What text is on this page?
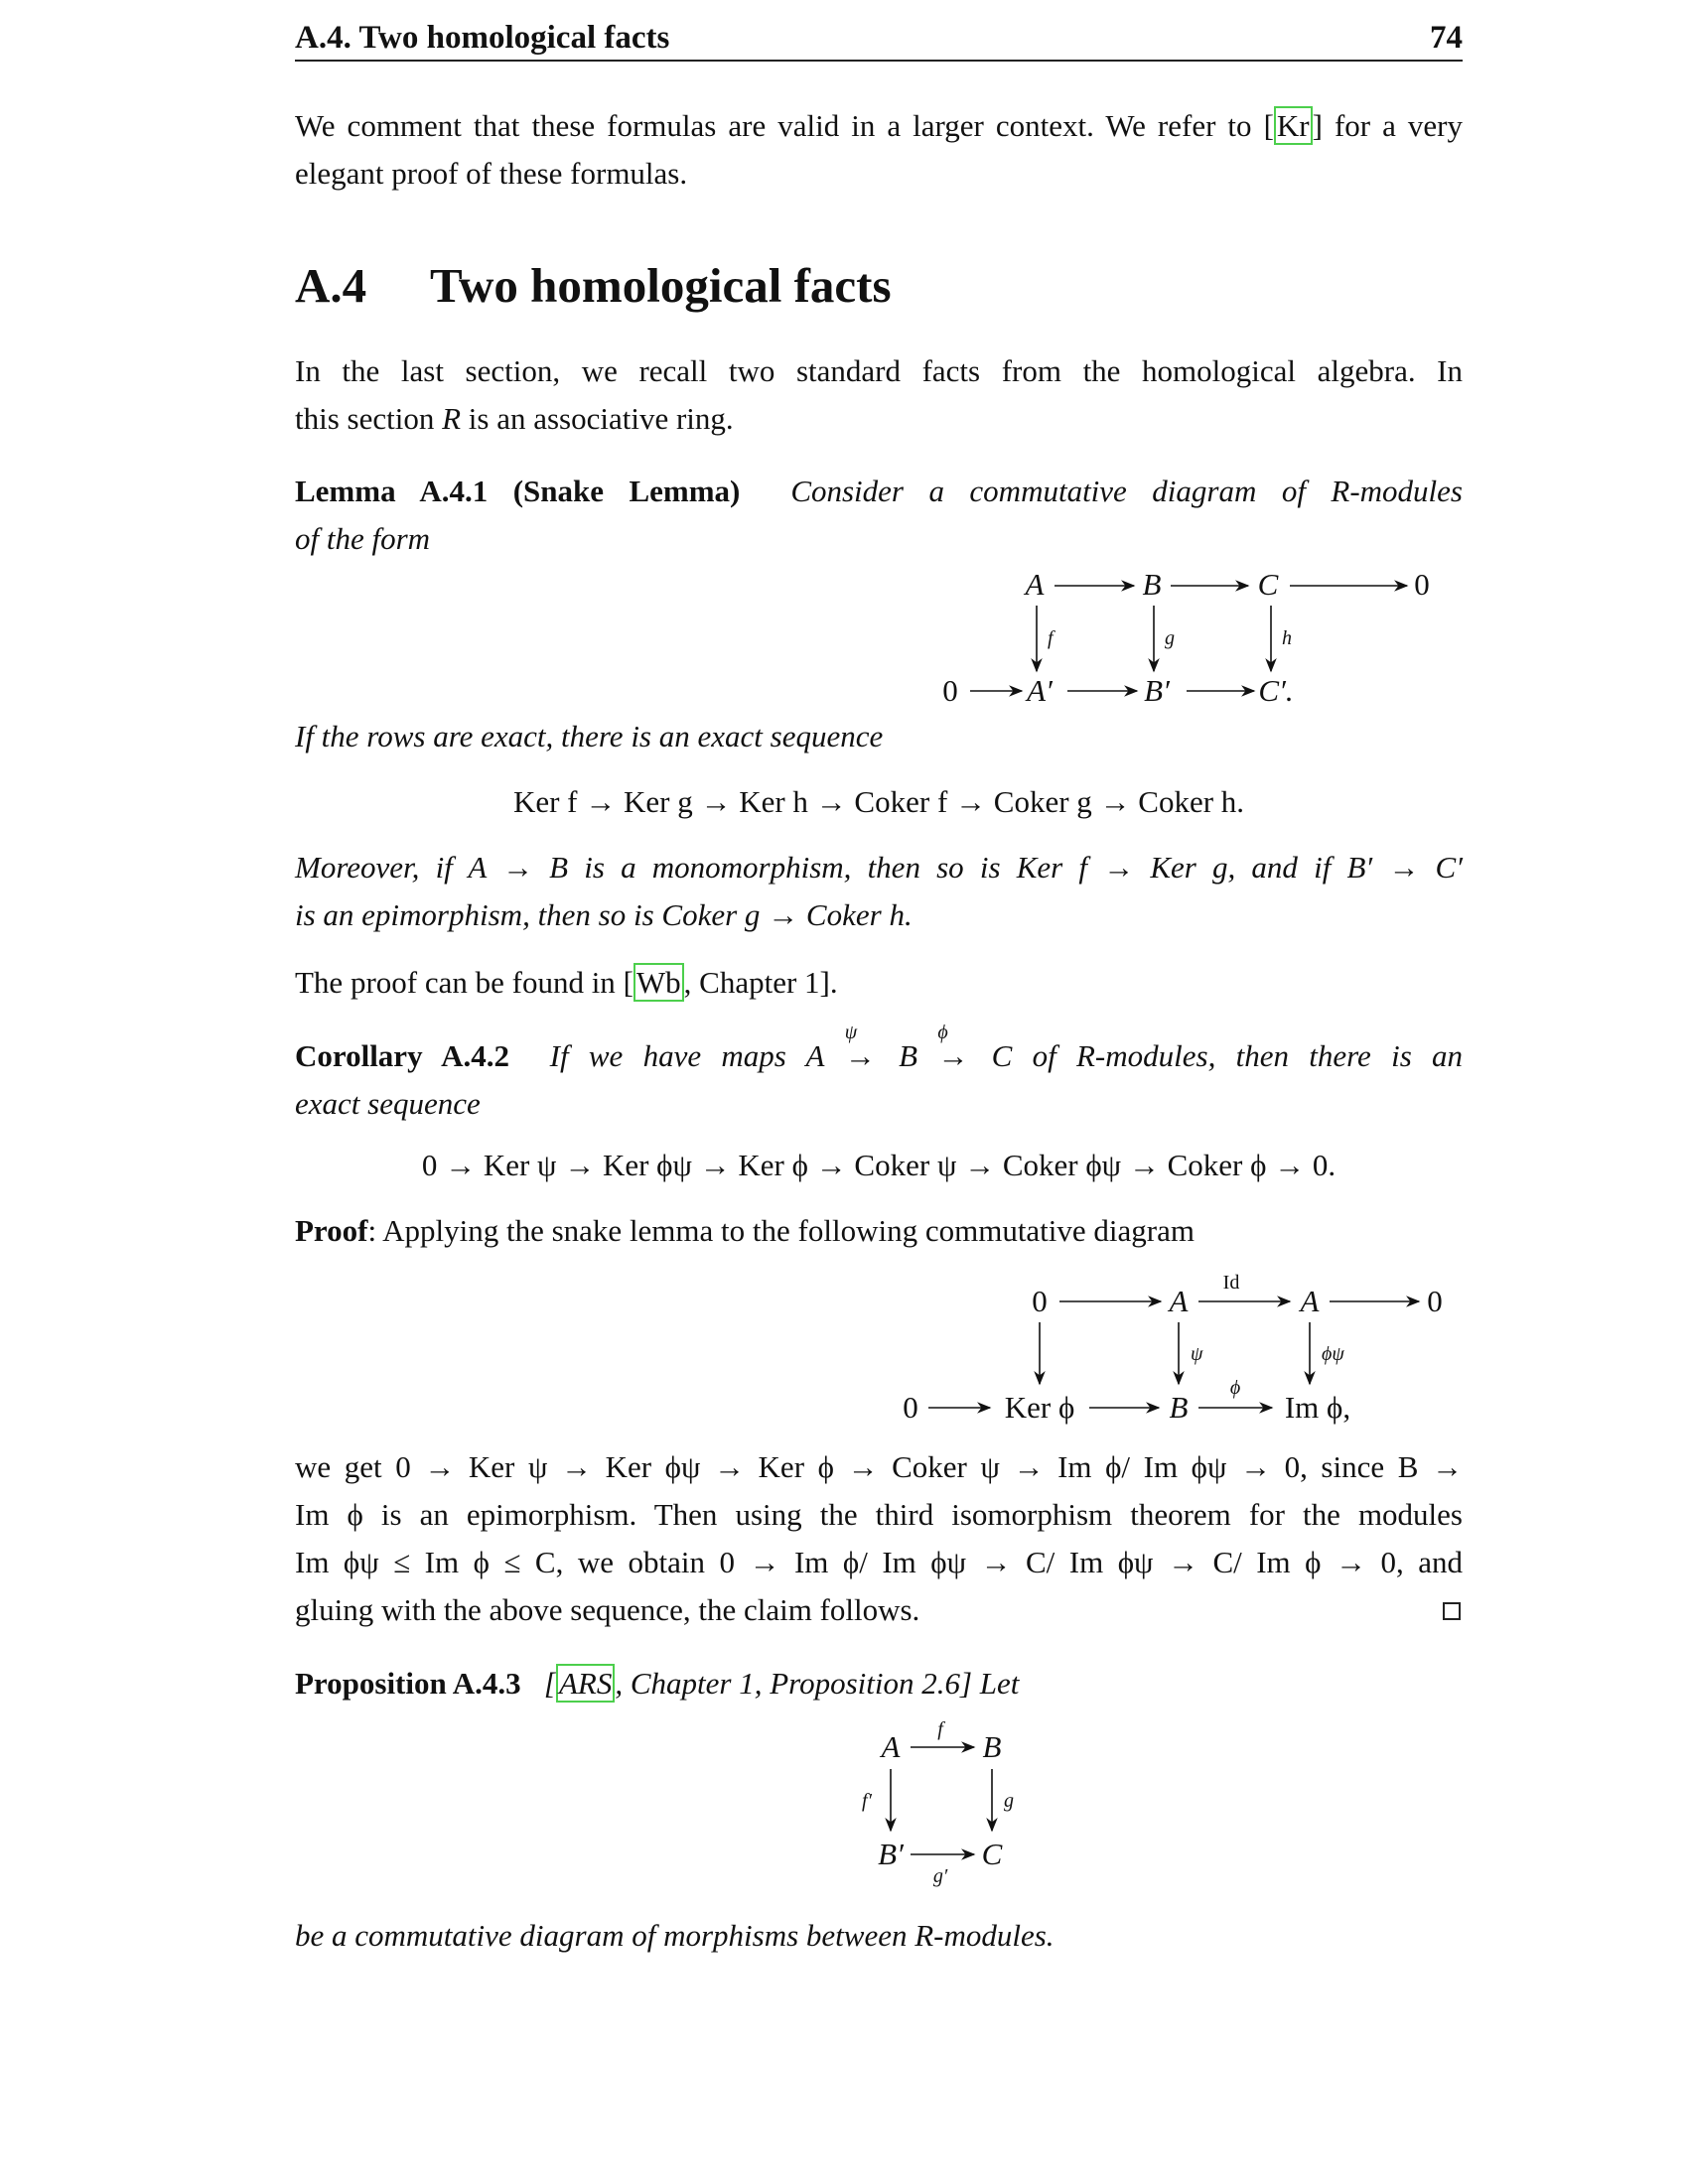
A.4. Two homological facts	74

We comment that these formulas are valid in a larger context. We refer to [Kr] for a very elegant proof of these formulas.

A.4 Two homological facts

In the last section, we recall two standard facts from the homological algebra. In

this section R is an associative ring.

Lemma A.4.1 (Snake Lemma) Consider a commutative diagram of R-modules

of the form

A	B	C	0
0 A′	B′	C′.
f	g	h

If the rows are exact, there is an exact sequence

Ker f → Ker g → Ker h → Coker f → Coker g → Coker h.

Moreover, if A → B is a monomorphism, then so is Ker f → Ker g, and if B′ → C′

is an epimorphism, then so is Coker g → Coker h.

The proof can be found in [Wb, Chapter 1].

Corollary A.4.2 If we have maps A
ψ
→ B
ϕ
→ C of R-modules, then there is an

exact sequence

0 → Ker ψ → Ker ϕψ → Ker ϕ → Coker ψ → Coker ϕψ → Coker ϕ → 0.

Proof: Applying the snake lemma to the following commutative diagram

0	A	A	0
0	Ker ϕ	B	Im ϕ,
Id
ψ	ϕψ
ϕ

we get 0 → Ker ψ → Ker ϕψ → Ker ϕ → Coker ψ → Im ϕ/ Im ϕψ → 0, since B →

Im ϕ is an epimorphism. Then using the third isomorphism theorem for the modules

Im ϕψ ≤ Im ϕ ≤ C, we obtain 0 → Im ϕ/ Im ϕψ → C/ Im ϕψ → C/ Im ϕ → 0, and

gluing with the above sequence, the claim follows.

Proposition A.4.3 [ARS, Chapter 1, Proposition 2.6] Let

A	B
B′	C
f
f′	g
g′

be a commutative diagram of morphisms between R-modules.
